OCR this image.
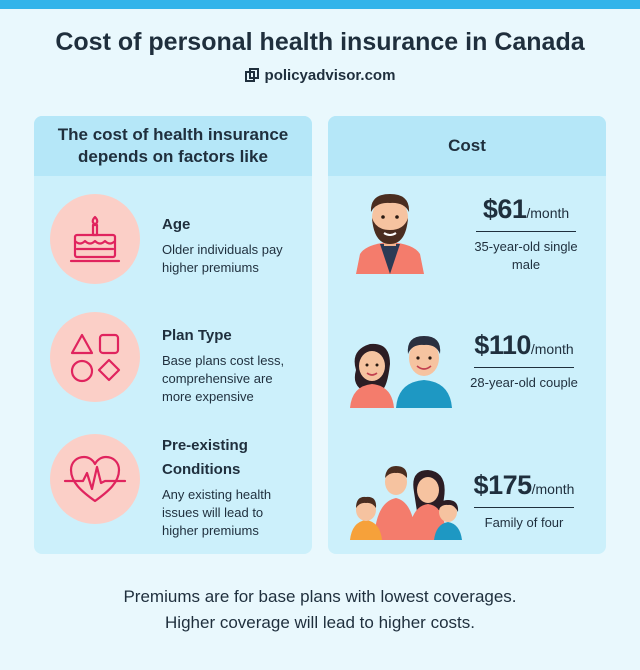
Cost of personal health insurance in Canada
policyadvisor.com
The cost of health insurance depends on factors like
Age
Older individuals pay higher premiums
Plan Type
Base plans cost less, comprehensive are more expensive
Pre-existing Conditions
Any existing health issues will lead to higher premiums
Cost
$61/month
35-year-old single male
$110/month
28-year-old couple
$175/month
Family of four
Premiums are for base plans with lowest coverages.
Higher coverage will lead to higher costs.
